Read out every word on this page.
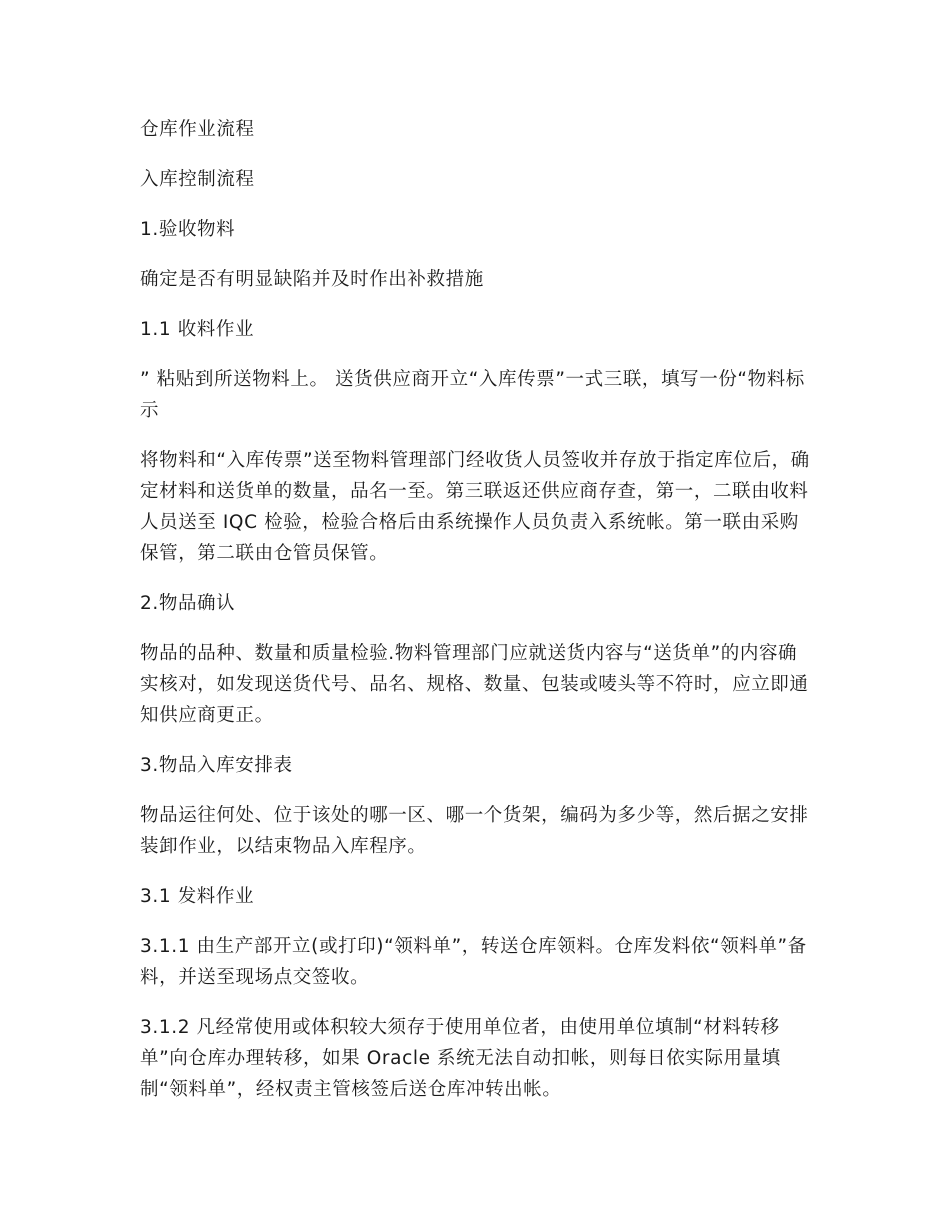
仓库作业流程

入库控制流程

1.验收物料

确定是否有明显缺陷并及时作出补救措施

1.1 收料作业

” 粘贴到所送物料上。 送货供应商开立“入库传票”一式三联，填写一份“物料标示

将物料和“入库传票”送至物料管理部门经收货人员签收并存放于指定库位后，确定材料和送货单的数量，品名一至。第三联返还供应商存查，第一，二联由收料人员送至 IQC 检验，检验合格后由系统操作人员负责入系统帐。第一联由采购保管，第二联由仓管员保管。

2.物品确认

物品的品种、数量和质量检验.物料管理部门应就送货内容与“送货单”的内容确实核对，如发现送货代号、品名、规格、数量、包装或唛头等不符时，应立即通知供应商更正。

3.物品入库安排表

物品运往何处、位于该处的哪一区、哪一个货架，编码为多少等，然后据之安排装卸作业，以结束物品入库程序。

3.1 发料作业

3.1.1 由生产部开立(或打印)“领料单”，转送仓库领料。仓库发料依“领料单”备料，并送至现场点交签收。

3.1.2 凡经常使用或体积较大须存于使用单位者，由使用单位填制“材料转移单”向仓库办理转移，如果 Oracle 系统无法自动扣帐，则每日依实际用量填制“领料单”，经权责主管核签后送仓库冲转出帐。
